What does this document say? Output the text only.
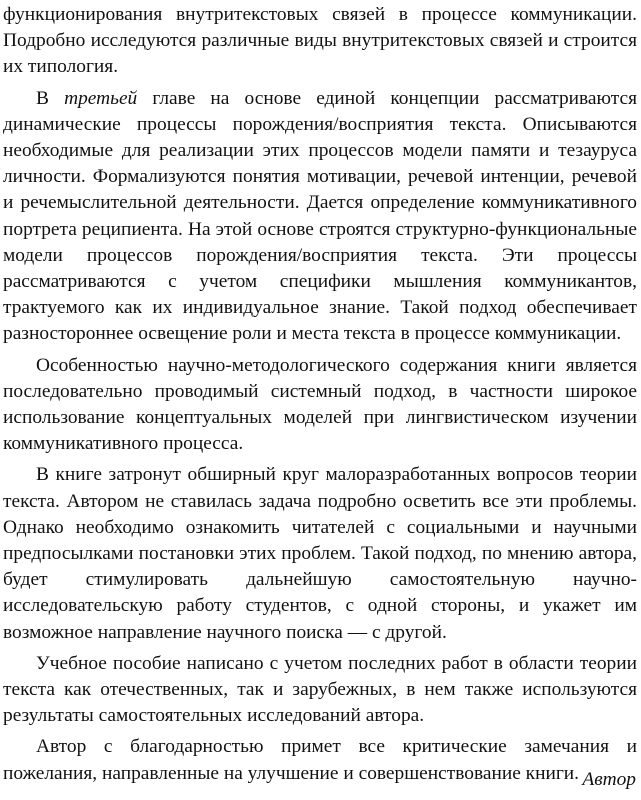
функционирования внутритекстовых связей в процессе коммуникации. Подробно исследуются различные виды внутритекстовых связей и строится их типология.

В третьей главе на основе единой концепции рассматриваются динамические процессы порождения/восприятия текста. Описываются необходимые для реализации этих процессов модели памяти и тезауруса личности. Формализуются понятия мотивации, речевой интенции, речевой и речемыслительной деятельности. Дается определение коммуникативного портрета реципиента. На этой основе строятся структурно-функциональные модели процессов порождения/восприятия текста. Эти процессы рассматриваются с учетом специфики мышления коммуникантов, трактуемого как их индивидуальное знание. Такой подход обеспечивает разностороннее освещение роли и места текста в процессе коммуникации.

Особенностью научно-методологического содержания книги является последовательно проводимый системный подход, в частности широкое использование концептуальных моделей при лингвистическом изучении коммуникативного процесса.

В книге затронут обширный круг малоразработанных вопросов теории текста. Автором не ставилась задача подробно осветить все эти проблемы. Однако необходимо ознакомить читателей с социальными и научными предпосылками постановки этих проблем. Такой подход, по мнению автора, будет стимулировать дальнейшую самостоятельную научно-исследовательскую работу студентов, с одной стороны, и укажет им возможное направление научного поиска — с другой.

Учебное пособие написано с учетом последних работ в области теории текста как отечественных, так и зарубежных, в нем также используются результаты самостоятельных исследований автора.

Автор с благодарностью примет все критические замечания и пожелания, направленные на улучшение и совершенствование книги. Автор
